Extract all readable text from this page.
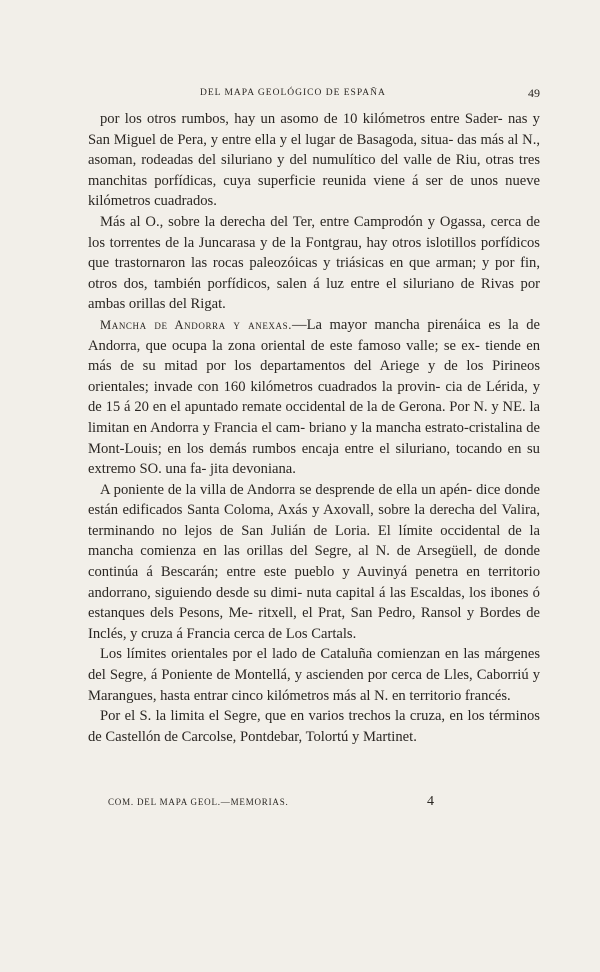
DEL MAPA GEOLÓGICO DE ESPAÑA	49

por los otros rumbos, hay un asomo de 10 kilómetros entre Sader- nas y San Miguel de Pera, y entre ella y el lugar de Basagoda, situa- das más al N., asoman, rodeadas del siluriano y del numulítico del valle de Riu, otras tres manchitas porfídicas, cuya superficie reunida viene á ser de unos nueve kilómetros cuadrados.

Más al O., sobre la derecha del Ter, entre Camprodón y Ogassa, cerca de los torrentes de la Juncarasa y de la Fontgrau, hay otros islotillos porfídicos que trastornaron las rocas paleozóicas y triásicas en que arman; y por fin, otros dos, también porfídicos, salen á luz entre el siluriano de Rivas por ambas orillas del Rigat.

Mancha de Andorra y anexas.—La mayor mancha pirenáica es la de Andorra, que ocupa la zona oriental de este famoso valle; se ex- tiende en más de su mitad por los departamentos del Ariege y de los Pirineos orientales; invade con 160 kilómetros cuadrados la provin- cia de Lérida, y de 15 á 20 en el apuntado remate occidental de la de Gerona. Por N. y NE. la limitan en Andorra y Francia el cam- briano y la mancha estrato-cristalina de Mont-Louis; en los demás rumbos encaja entre el siluriano, tocando en su extremo SO. una fa- jita devoniana.

A poniente de la villa de Andorra se desprende de ella un apén- dice donde están edificados Santa Coloma, Axás y Axovall, sobre la derecha del Valira, terminando no lejos de San Julián de Loria. El límite occidental de la mancha comienza en las orillas del Segre, al N. de Arsegüell, de donde continúa á Bescarán; entre este pueblo y Auvinyá penetra en territorio andorrano, siguiendo desde su dimi- nuta capital á las Escaldas, los ibones ó estanques dels Pesons, Me- ritxell, el Prat, San Pedro, Ransol y Bordes de Inclés, y cruza á Francia cerca de Los Cartals.

Los límites orientales por el lado de Cataluña comienzan en las márgenes del Segre, á Poniente de Montellá, y ascienden por cerca de Lles, Caborriú y Marangues, hasta entrar cinco kilómetros más al N. en territorio francés.

Por el S. la limita el Segre, que en varios trechos la cruza, en los términos de Castellón de Carcolse, Pontdebar, Tolortú y Martinet.

COM. DEL MAPA GEOL.—MEMORIAS.	4
